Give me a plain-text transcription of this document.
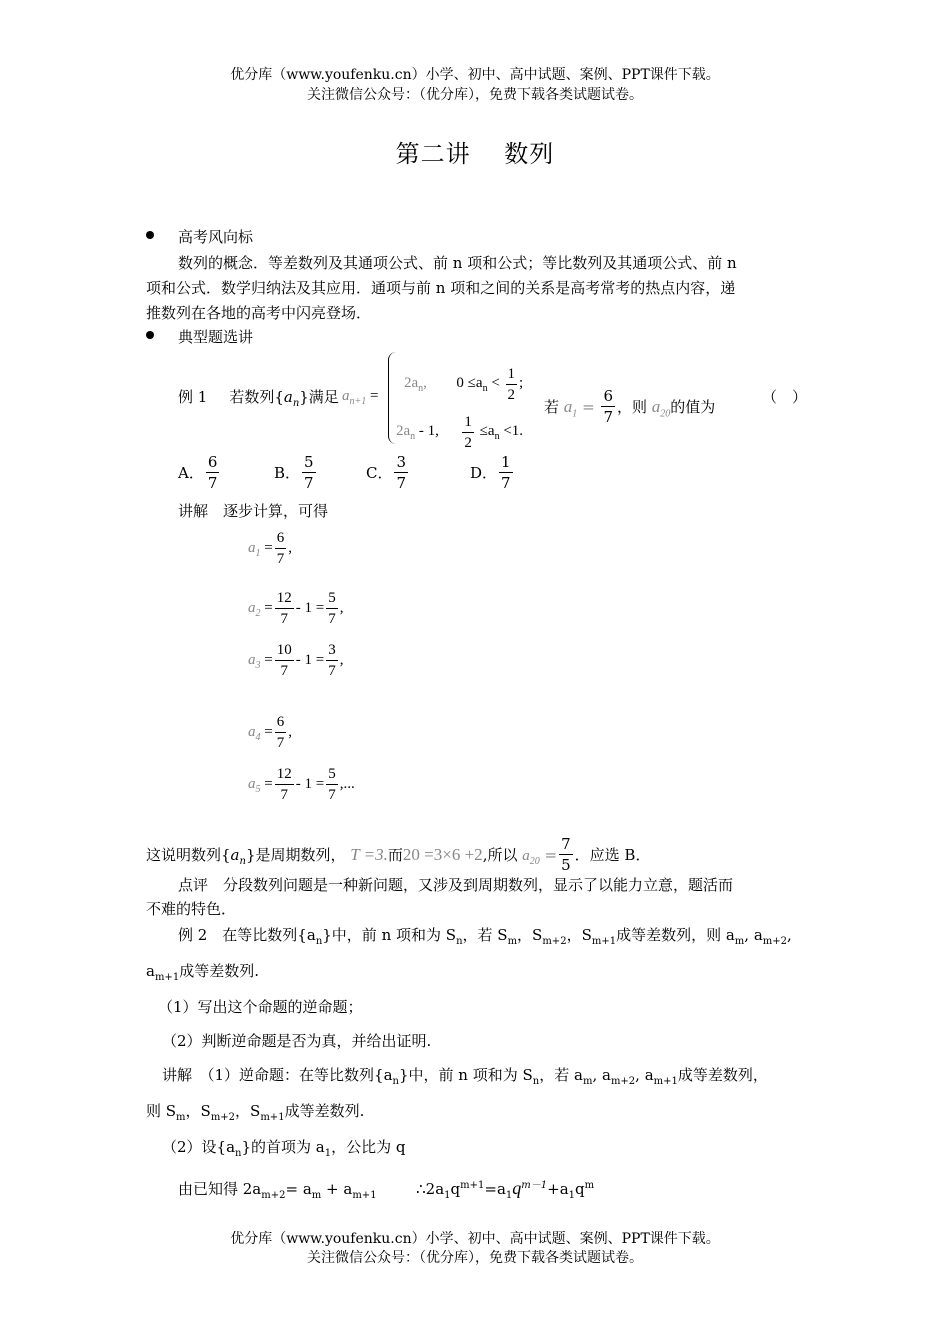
优分库（www.youfenku.cn）小学、初中、高中试题、案例、PPT课件下载。
关注微信公众号：（优分库），免费下载各类试题试卷。
第二讲　 数列
高考风向标
数列的概念．等差数列及其通项公式、前 n 项和公式；等比数列及其通项公式、前 n
项和公式．数学归纳法及其应用．通项与前 n 项和之间的关系是高考常考的热点内容，递
推数列在各地的高考中闪亮登场．
典型题选讲
例 1 若数列$\{a_n\}$满足 $a_{n+1}$ =
$2a_n$, $0 \le a_n < \frac{1}{2}$ ;
$2a_n - 1$, $\frac{1}{2} \le a_n <1$.
若 $a_1 = \frac{6}{7}$ ，则 $a_{20}$的值为
（　）
A． $\frac{6}{7}$	B． $\frac{5}{7}$	C． $\frac{3}{7}$	D． $\frac{1}{7}$
讲解　逐步计算，可得
$a_1 = \frac{6}{7}$ ,
$a_2 = \frac{12}{7} - 1 = \frac{5}{7}$ ,
$a_3 = \frac{10}{7} - 1 = \frac{3}{7}$ ,
$a_4 = \frac{6}{7}$ ,
$a_5 = \frac{12}{7} - 1 = \frac{5}{7}$ ,...
这说明数列$\{a_n\}$是周期数列， T =3.而20 =3×6 +2,所以 $a_{20} = \frac{7}{5}$ ．应选 B．
点评　分段数列问题是一种新问题，又涉及到周期数列，显示了以能力立意，题活而
不难的特色．
例 2　在等比数列$\{a_n\}$中，前 n 项和为 $S_n$，若 $S_m$，$S_{m+2}$，$S_{m+1}$成等差数列，则 $a_m$, $a_{m+2}$,
$a_{m+1}$成等差数列.
（1）写出这个命题的逆命题；
（2）判断逆命题是否为真，并给出证明.
讲解　（1）逆命题：在等比数列$\{a_n\}$中，前 n 项和为 $S_n$，若 $a_m$, $a_{m+2}$, $a_{m+1}$成等差数列，
则 $S_m$，$S_{m+2}$，$S_{m+1}$成等差数列.
（2）设$\{a_n\}$的首项为 $a_1$，公比为 q
由已知得 $2a_{m+2}= a_m + a_{m+1}$	$\therefore 2a_1q^{m+1}=a_1q^{m-1}+a_1q^m$
优分库（www.youfenku.cn）小学、初中、高中试题、案例、PPT课件下载。
关注微信公众号：（优分库），免费下载各类试题试卷。
